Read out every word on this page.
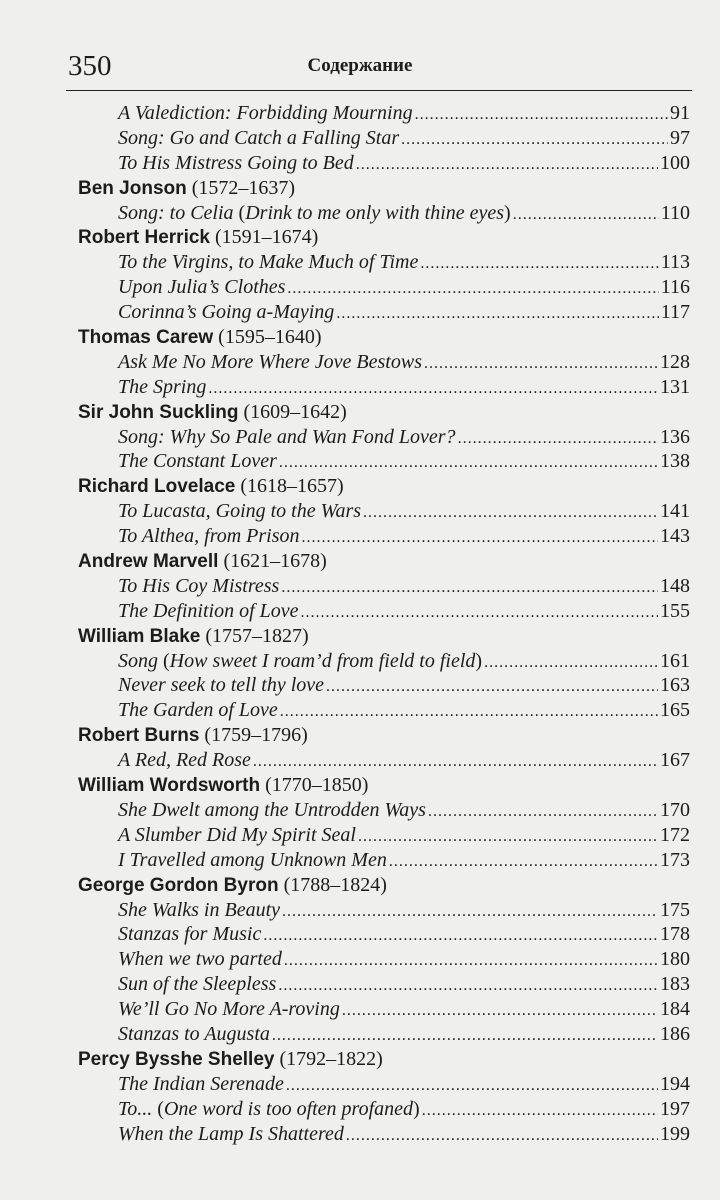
350	Содержание
A Valediction: Forbidding Mourning .....	91
Song: Go and Catch a Falling Star .....	97
To His Mistress Going to Bed .....	100
Ben Jonson (1572–1637)
Song: to Celia (Drink to me only with thine eyes) .....	110
Robert Herrick (1591–1674)
To the Virgins, to Make Much of Time .....	113
Upon Julia’s Clothes .....	116
Corinna’s Going a-Maying .....	117
Thomas Carew (1595–1640)
Ask Me No More Where Jove Bestows .....	128
The Spring .....	131
Sir John Suckling (1609–1642)
Song: Why So Pale and Wan Fond Lover? .....	136
The Constant Lover .....	138
Richard Lovelace (1618–1657)
To Lucasta, Going to the Wars .....	141
To Althea, from Prison .....	143
Andrew Marvell (1621–1678)
To His Coy Mistress .....	148
The Definition of Love .....	155
William Blake (1757–1827)
Song (How sweet I roam’d from field to field) .....	161
Never seek to tell thy love .....	163
The Garden of Love .....	165
Robert Burns (1759–1796)
A Red, Red Rose .....	167
William Wordsworth (1770–1850)
She Dwelt among the Untrodden Ways .....	170
A Slumber Did My Spirit Seal .....	172
I Travelled among Unknown Men .....	173
George Gordon Byron (1788–1824)
She Walks in Beauty .....	175
Stanzas for Music .....	178
When we two parted .....	180
Sun of the Sleepless .....	183
We’ll Go No More A-roving .....	184
Stanzas to Augusta .....	186
Percy Bysshe Shelley (1792–1822)
The Indian Serenade .....	194
To... (One word is too often profaned) .....	197
When the Lamp Is Shattered .....	199
